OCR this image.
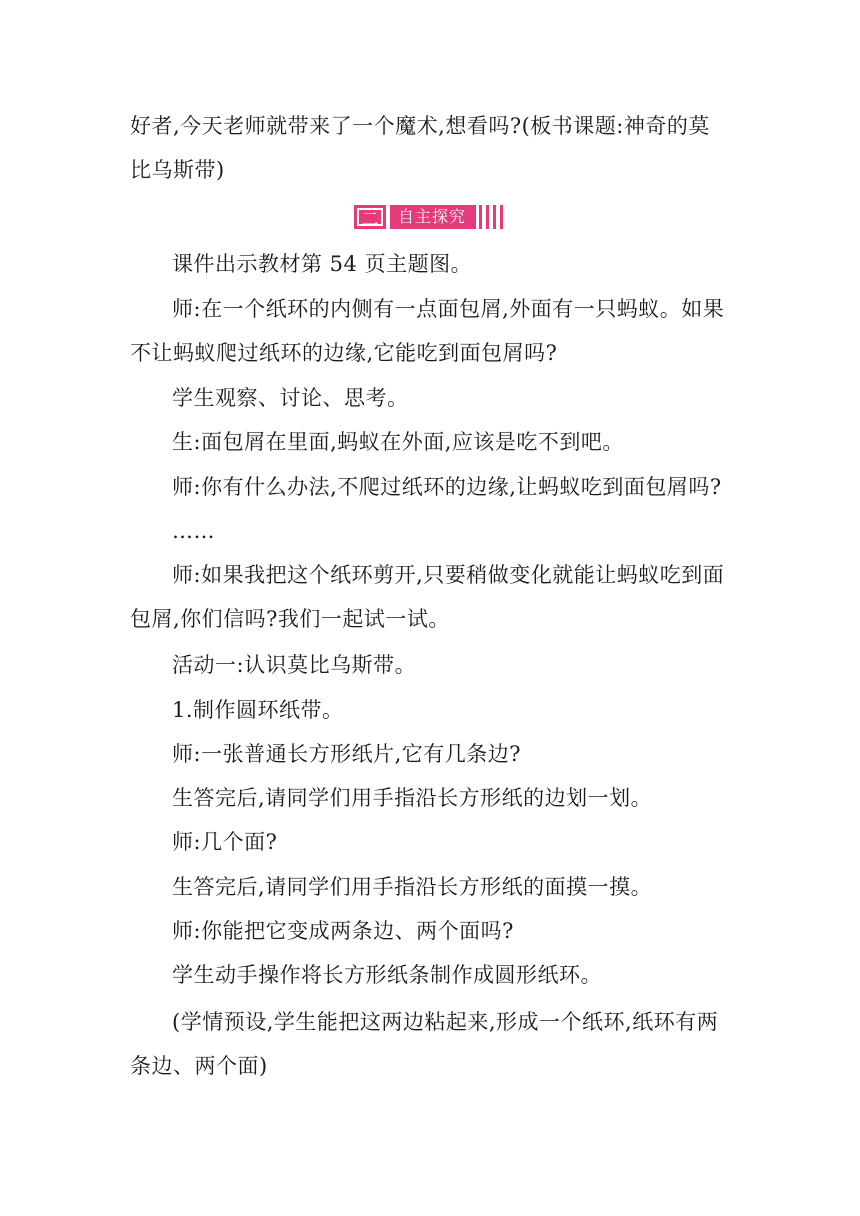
好者,今天老师就带来了一个魔术,想看吗?(板书课题:神奇的莫比乌斯带)

二	自主探究

课件出示教材第 54 页主题图。

师:在一个纸环的内侧有一点面包屑,外面有一只蚂蚁。如果不让蚂蚁爬过纸环的边缘,它能吃到面包屑吗?

学生观察、讨论、思考。

生:面包屑在里面,蚂蚁在外面,应该是吃不到吧。

师:你有什么办法,不爬过纸环的边缘,让蚂蚁吃到面包屑吗?

……

师:如果我把这个纸环剪开,只要稍做变化就能让蚂蚁吃到面包屑,你们信吗?我们一起试一试。

活动一:认识莫比乌斯带。

1.制作圆环纸带。

师:一张普通长方形纸片,它有几条边?

生答完后,请同学们用手指沿长方形纸的边划一划。

师:几个面?

生答完后,请同学们用手指沿长方形纸的面摸一摸。

师:你能把它变成两条边、两个面吗?

学生动手操作将长方形纸条制作成圆形纸环。

(学情预设,学生能把这两边粘起来,形成一个纸环,纸环有两条边、两个面)
